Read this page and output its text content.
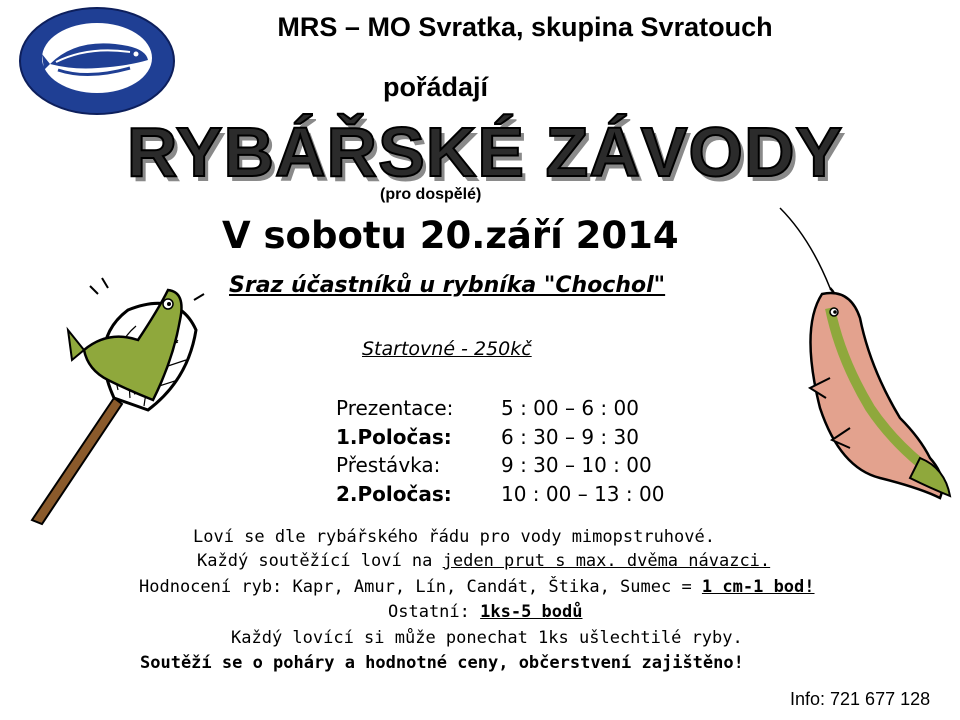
MORAVSKÝ RYBÁŘSKÝ SVAZ
MRS – MO Svratka, skupina Svratouch
pořádají
RYBÁŘSKÉ ZÁVODY
(pro dospělé)
V sobotu 20.září 2014
Sraz účastníků u rybníka "Chochol"
Startovné - 250kč
Prezentace:	5 : 00 – 6 : 00
1.Poločas:	6 : 30 – 9 : 30
Přestávka:	9 : 30 – 10 : 00
2.Poločas:	10 : 00 – 13 : 00
Loví se dle rybářského řádu pro vody mimopstruhové.
Každý soutěžící loví na jeden prut s max. dvěma návazci.
Hodnocení ryb: Kapr, Amur, Lín, Candát, Štika, Sumec = 1 cm-1 bod!
Ostatní: 1ks-5 bodů
Každý lovící si může ponechat 1ks ušlechtilé ryby.
Soutěží se o poháry a hodnotné ceny, občerstvení zajištěno!
Info: 721 677 128
